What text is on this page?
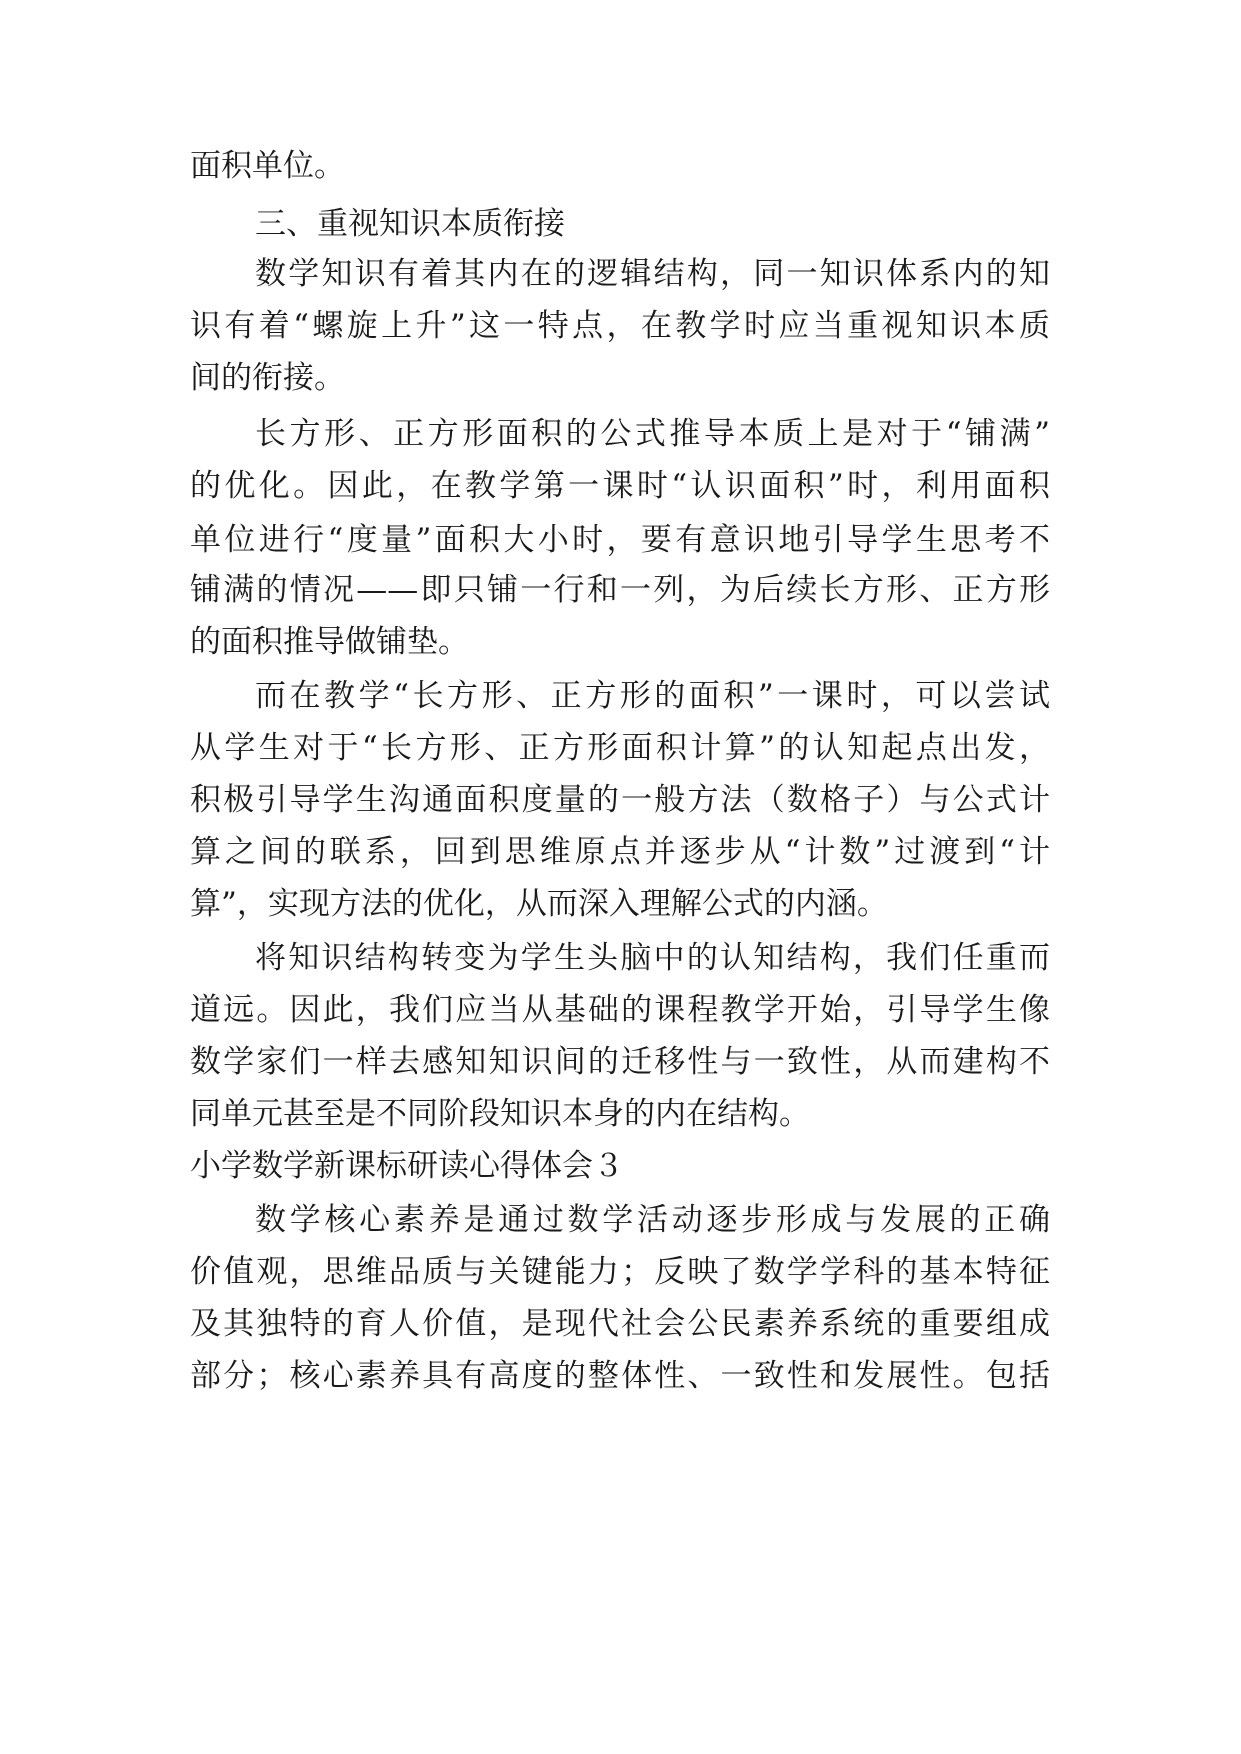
面积单位。
三、重视知识本质衔接
数学知识有着其内在的逻辑结构，同一知识体系内的知
识有着“螺旋上升”这一特点，在教学时应当重视知识本质
间的衔接。
长方形、正方形面积的公式推导本质上是对于“铺满”
的优化。因此，在教学第一课时“认识面积”时，利用面积
单位进行“度量”面积大小时，要有意识地引导学生思考不
铺满的情况——即只铺一行和一列，为后续长方形、正方形
的面积推导做铺垫。
而在教学“长方形、正方形的面积”一课时，可以尝试
从学生对于“长方形、正方形面积计算”的认知起点出发，
积极引导学生沟通面积度量的一般方法（数格子）与公式计
算之间的联系，回到思维原点并逐步从“计数”过渡到“计
算”，实现方法的优化，从而深入理解公式的内涵。
将知识结构转变为学生头脑中的认知结构，我们任重而
道远。因此，我们应当从基础的课程教学开始，引导学生像
数学家们一样去感知知识间的迁移性与一致性，从而建构不
同单元甚至是不同阶段知识本身的内在结构。
小学数学新课标研读心得体会３
数学核心素养是通过数学活动逐步形成与发展的正确
价值观，思维品质与关键能力；反映了数学学科的基本特征
及其独特的育人价值，是现代社会公民素养系统的重要组成
部分；核心素养具有高度的整体性、一致性和发展性。包括
